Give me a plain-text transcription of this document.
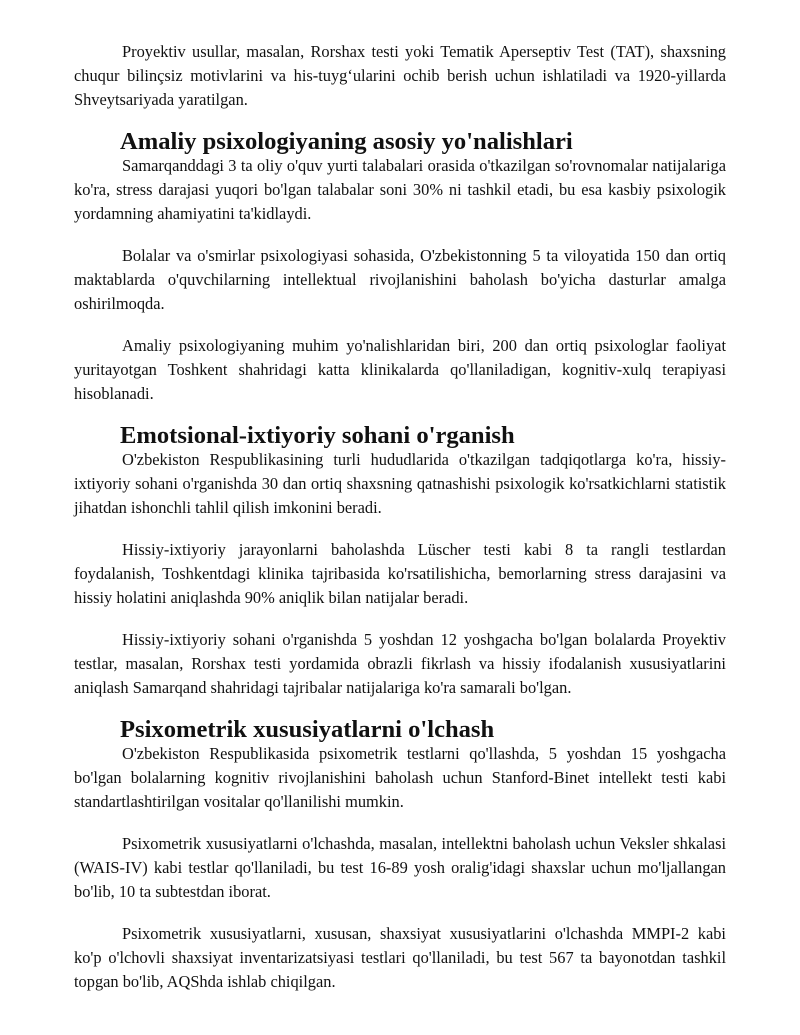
Proyektiv usullar, masalan, Rorshax testi yoki Tematik Aperseptiv Test (TAT), shaxsning chuqur bilinçsiz motivlarini va his-tuyg‘ularini ochib berish uchun ishlatiladi va 1920-yillarda Shveytsariyada yaratilgan.

Amaliy psixologiyaning asosiy yo'nalishlari

Samarqanddagi 3 ta oliy o'quv yurti talabalari orasida o'tkazilgan so'rovnomalar natijalariga ko'ra, stress darajasi yuqori bo'lgan talabalar soni 30% ni tashkil etadi, bu esa kasbiy psixologik yordamning ahamiyatini ta'kidlaydi.

Bolalar va o'smirlar psixologiyasi sohasida, O'zbekistonning 5 ta viloyatida 150 dan ortiq maktablarda o'quvchilarning intellektual rivojlanishini baholash bo'yicha dasturlar amalga oshirilmoqda.

Amaliy psixologiyaning muhim yo'nalishlaridan biri, 200 dan ortiq psixologlar faoliyat yuritayotgan Toshkent shahridagi katta klinikalarda qo'llaniladigan, kognitiv-xulq terapiyasi hisoblanadi.

Emotsional-ixtiyoriy sohani o'rganish

O'zbekiston Respublikasining turli hududlarida o'tkazilgan tadqiqotlarga ko'ra, hissiy-ixtiyoriy sohani o'rganishda 30 dan ortiq shaxsning qatnashishi psixologik ko'rsatkichlarni statistik jihatdan ishonchli tahlil qilish imkonini beradi.

Hissiy-ixtiyoriy jarayonlarni baholashda Lüscher testi kabi 8 ta rangli testlardan foydalanish, Toshkentdagi klinika tajribasida ko'rsatilishicha, bemorlarning stress darajasini va hissiy holatini aniqlashda 90% aniqlik bilan natijalar beradi.

Hissiy-ixtiyoriy sohani o'rganishda 5 yoshdan 12 yoshgacha bo'lgan bolalarda Proyektiv testlar, masalan, Rorshax testi yordamida obrazli fikrlash va hissiy ifodalanish xususiyatlarini aniqlash Samarqand shahridagi tajribalar natijalariga ko'ra samarali bo'lgan.

Psixometrik xususiyatlarni o'lchash

O'zbekiston Respublikasida psixometrik testlarni qo'llashda, 5 yoshdan 15 yoshgacha bo'lgan bolalarning kognitiv rivojlanishini baholash uchun Stanford-Binet intellekt testi kabi standartlashtirilgan vositalar qo'llanilishi mumkin.

Psixometrik xususiyatlarni o'lchashda, masalan, intellektni baholash uchun Veksler shkalasi (WAIS-IV) kabi testlar qo'llaniladi, bu test 16-89 yosh oralig'idagi shaxslar uchun mo'ljallangan bo'lib, 10 ta subtestdan iborat.

Psixometrik xususiyatlarni, xususan, shaxsiyat xususiyatlarini o'lchashda MMPI-2 kabi ko'p o'lchovli shaxsiyat inventarizatsiyasi testlari qo'llaniladi, bu test 567 ta bayonotdan tashkil topgan bo'lib, AQShda ishlab chiqilgan.
